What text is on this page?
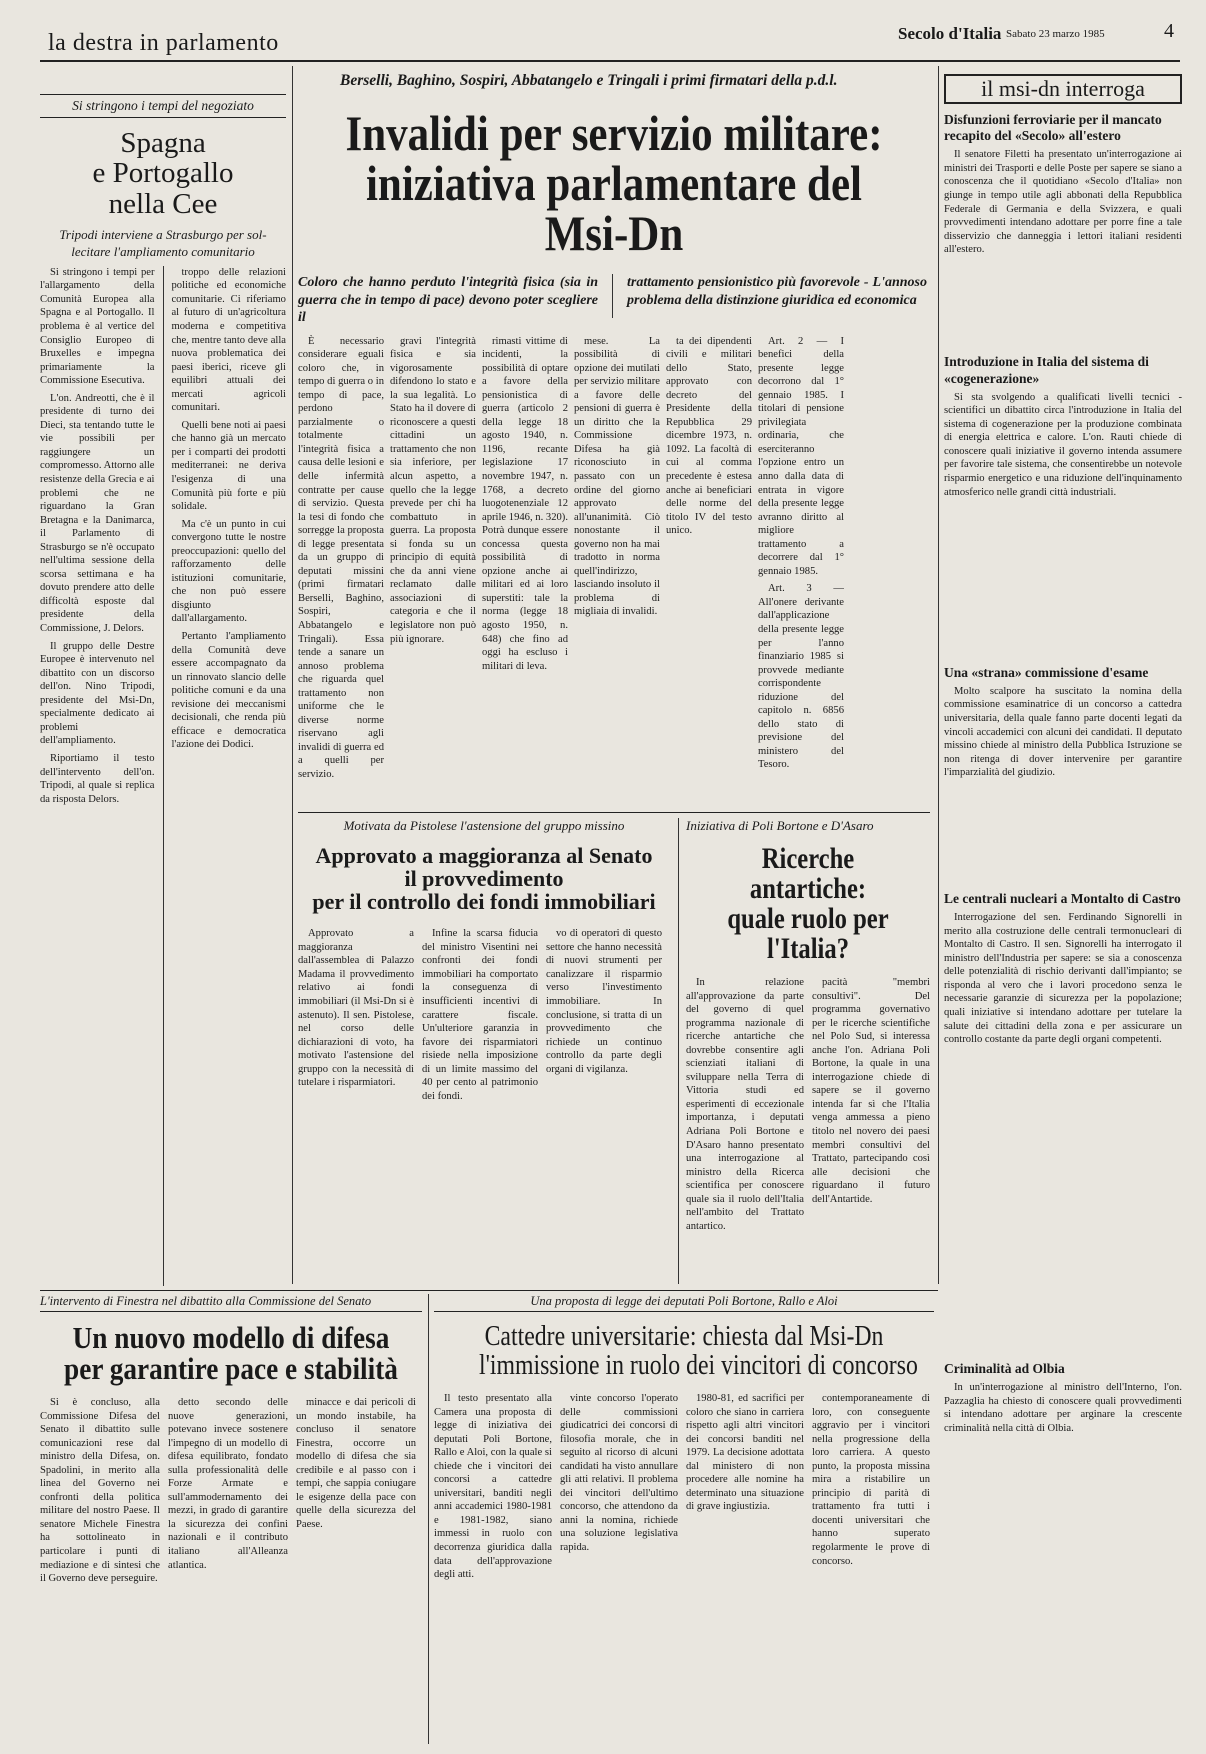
la destra in parlamento	Secolo d'Italia Sabato 23 marzo 1985	4
Si stringono i tempi del negoziato
Spagna
e Portogallo
nella Cee
Tripodi interviene a Strasburgo per sollecitare l'ampliamento comunitario

Si stringono i tempi per l'allargamento della Comunità Europea alla Spagna e al Portogallo. Il problema è al vertice del Consiglio Europeo di Bruxelles e impegna primariamente la Commissione Esecutiva.

L'on. Andreotti, che è il presidente di turno dei Dieci, sta tentando tutte le vie possibili per raggiungere un compromesso. Attorno alle resistenze della Grecia e ai problemi che ne riguardano la Gran Bretagna e la Danimarca, il Parlamento di Strasburgo se n'è occupato nell'ultima sessione della scorsa settimana e ha dovuto prendere atto delle difficoltà esposte dal presidente della Commissione, J. Delors.

Il gruppo delle Destre Europee è intervenuto nel dibattito con un discorso dell'on. Nino Tripodi, presidente del Msi-Dn, specialmente dedicato ai problemi dell'ampliamento.

Riportiamo il testo dell'intervento dell'on. Tripodi, al quale si replica da risposta Delors.

troppo delle relazioni politiche ed economiche comunitarie. Ci riferiamo al futuro di un'agricoltura moderna e competitiva che, mentre tanto deve alla nuova problematica dei paesi iberici, riceve gli equilibri attuali dei mercati agricoli comunitari.

Quelli bene noti ai paesi che hanno già un mercato per i comparti dei prodotti mediterranei: ne deriva l'esigenza di una Comunità più forte e più solidale.

Ma c'è un punto in cui convergono tutte le nostre preoccupazioni: quello del rafforzamento delle istituzioni comunitarie, che non può essere disgiunto dall'allargamento.

Pertanto l'ampliamento della Comunità deve essere accompagnato da un rinnovato slancio delle politiche comuni e da una revisione dei meccanismi decisionali, che renda più efficace e democratica l'azione dei Dodici.

Berselli, Baghino, Sospiri, Abbatangelo e Tringali i primi firmatari della p.d.l.
Invalidi per servizio militare:
iniziativa parlamentare del Msi-Dn
Coloro che hanno perduto l'integrità fisica (sia in guerra che in tempo di pace) devono poter scegliere il
trattamento pensionistico più favorevole - L'annoso problema della distinzione giuridica ed economica

È necessario considerare eguali coloro che, in tempo di guerra o in tempo di pace, perdono parzialmente o totalmente l'integrità fisica a causa delle lesioni e delle infermità contratte per cause di servizio. Questa la tesi di fondo che sorregge la proposta di legge presentata da un gruppo di deputati missini (primi firmatari Berselli, Baghino, Sospiri, Abbatangelo e Tringali). Essa tende a sanare un annoso problema che riguarda quel trattamento non uniforme che le diverse norme riservano agli invalidi di guerra ed a quelli per servizio.

gravi l'integrità fisica e sia vigorosamente difendono lo stato e la sua legalità. Lo Stato ha il dovere di riconoscere a questi cittadini un trattamento che non sia inferiore, per alcun aspetto, a quello che la legge prevede per chi ha combattuto in guerra. La proposta si fonda su un principio di equità che da anni viene reclamato dalle associazioni di categoria e che il legislatore non può più ignorare.

rimasti vittime di incidenti, la possibilità di optare a favore della pensionistica di guerra (articolo 2 della legge 18 agosto 1940, n. 1196, recante legislazione 17 novembre 1947, n. 1768, a decreto luogotenenziale 12 aprile 1946, n. 320). Potrà dunque essere concessa questa possibilità di opzione anche ai militari ed ai loro superstiti: tale la norma (legge 18 agosto 1950, n. 648) che fino ad oggi ha escluso i militari di leva.

mese. La possibilità di opzione dei mutilati per servizio militare a favore delle pensioni di guerra è un diritto che la Commissione Difesa ha già riconosciuto in passato con un ordine del giorno approvato all'unanimità. Ciò nonostante il governo non ha mai tradotto in norma quell'indirizzo, lasciando insoluto il problema di migliaia di invalidi.

ta dei dipendenti civili e militari dello Stato, approvato con decreto del Presidente della Repubblica 29 dicembre 1973, n. 1092. La facoltà di cui al comma precedente è estesa anche ai beneficiari delle norme del titolo IV del testo unico.

Art. 2 — I benefici della presente legge decorrono dal 1° gennaio 1985. I titolari di pensione privilegiata ordinaria, che eserciteranno l'opzione entro un anno dalla data di entrata in vigore della presente legge avranno diritto al migliore trattamento a decorrere dal 1° gennaio 1985.

Art. 3 — All'onere derivante dall'applicazione della presente legge per l'anno finanziario 1985 si provvede mediante corrispondente riduzione del capitolo n. 6856 dello stato di previsione del ministero del Tesoro.

Motivata da Pistolese l'astensione del gruppo missino
Approvato a maggioranza al Senato
il provvedimento
per il controllo dei fondi immobiliari

Approvato a maggioranza dall'assemblea di Palazzo Madama il provvedimento relativo ai fondi immobiliari (il Msi-Dn si è astenuto). Il sen. Pistolese, nel corso delle dichiarazioni di voto, ha motivato l'astensione del gruppo con la necessità di tutelare i risparmiatori.

Infine la scarsa fiducia del ministro Visentini nei confronti dei fondi immobiliari ha comportato la conseguenza di insufficienti incentivi di carattere fiscale. Un'ulteriore garanzia in favore dei risparmiatori risiede nella imposizione di un limite massimo del 40 per cento al patrimonio dei fondi.

vo di operatori di questo settore che hanno necessità di nuovi strumenti per canalizzare il risparmio verso l'investimento immobiliare. In conclusione, si tratta di un provvedimento che richiede un continuo controllo da parte degli organi di vigilanza.

Iniziativa di Poli Bortone e D'Asaro
Ricerche antartiche:
quale ruolo per l'Italia?

In relazione all'approvazione da parte del governo di quel programma nazionale di ricerche antartiche che dovrebbe consentire agli scienziati italiani di sviluppare nella Terra di Vittoria studi ed esperimenti di eccezionale importanza, i deputati Adriana Poli Bortone e D'Asaro hanno presentato una interrogazione al ministro della Ricerca scientifica per conoscere quale sia il ruolo dell'Italia nell'ambito del Trattato antartico.

pacità "membri consultivi". Del programma governativo per le ricerche scientifiche nel Polo Sud, si interessa anche l'on. Adriana Poli Bortone, la quale in una interrogazione chiede di sapere se il governo intenda far sì che l'Italia venga ammessa a pieno titolo nel novero dei paesi membri consultivi del Trattato, partecipando così alle decisioni che riguardano il futuro dell'Antartide.

il msi-dn interroga
Disfunzioni ferroviarie per il mancato recapito del «Secolo» all'estero

Il senatore Filetti ha presentato un'interrogazione ai ministri dei Trasporti e delle Poste per sapere se siano a conoscenza che il quotidiano «Secolo d'Italia» non giunge in tempo utile agli abbonati della Repubblica Federale di Germania e della Svizzera, e quali provvedimenti intendano adottare per porre fine a tale disservizio che danneggia i lettori italiani residenti all'estero.

Introduzione in Italia del sistema di «cogenerazione»

Si sta svolgendo a qualificati livelli tecnici - scientifici un dibattito circa l'introduzione in Italia del sistema di cogenerazione per la produzione combinata di energia elettrica e calore. L'on. Rauti chiede di conoscere quali iniziative il governo intenda assumere per favorire tale sistema, che consentirebbe un notevole risparmio energetico e una riduzione dell'inquinamento atmosferico nelle grandi città industriali.

Una «strana» commissione d'esame

Molto scalpore ha suscitato la nomina della commissione esaminatrice di un concorso a cattedra universitaria, della quale fanno parte docenti legati da vincoli accademici con alcuni dei candidati. Il deputato missino chiede al ministro della Pubblica Istruzione se non ritenga di dover intervenire per garantire l'imparzialità del giudizio.

Le centrali nucleari a Montalto di Castro

Interrogazione del sen. Ferdinando Signorelli in merito alla costruzione delle centrali termonucleari di Montalto di Castro. Il sen. Signorelli ha interrogato il ministro dell'Industria per sapere: se sia a conoscenza delle potenzialità di rischio derivanti dall'impianto; se risponda al vero che i lavori procedono senza le necessarie garanzie di sicurezza per la popolazione; quali iniziative si intendano adottare per tutelare la salute dei cittadini della zona e per assicurare un controllo costante da parte degli organi competenti.

Criminalità ad Olbia

In un'interrogazione al ministro dell'Interno, l'on. Pazzaglia ha chiesto di conoscere quali provvedimenti si intendano adottare per arginare la crescente criminalità nella città di Olbia.

L'intervento di Finestra nel dibattito alla Commissione del Senato
Un nuovo modello di difesa
per garantire pace e stabilità

Si è concluso, alla Commissione Difesa del Senato il dibattito sulle comunicazioni rese dal ministro della Difesa, on. Spadolini, in merito alla linea del Governo nei confronti della politica militare del nostro Paese. Il senatore Michele Finestra ha sottolineato in particolare i punti di mediazione e di sintesi che il Governo deve perseguire.

detto secondo delle nuove generazioni, potevano invece sostenere l'impegno di un modello di difesa equilibrato, fondato sulla professionalità delle Forze Armate e sull'ammodernamento dei mezzi, in grado di garantire la sicurezza dei confini nazionali e il contributo italiano all'Alleanza atlantica.

minacce e dai pericoli di un mondo instabile, ha concluso il senatore Finestra, occorre un modello di difesa che sia credibile e al passo con i tempi, che sappia coniugare le esigenze della pace con quelle della sicurezza del Paese.

Una proposta di legge dei deputati Poli Bortone, Rallo e Aloi
Cattedre universitarie: chiesta dal Msi-Dn
l'immissione in ruolo dei vincitori di concorso

Il testo presentato alla Camera una proposta di legge di iniziativa dei deputati Poli Bortone, Rallo e Aloi, con la quale si chiede che i vincitori dei concorsi a cattedre universitari, banditi negli anni accademici 1980-1981 e 1981-1982, siano immessi in ruolo con decorrenza giuridica dalla data dell'approvazione degli atti.

vinte concorso l'operato delle commissioni giudicatrici dei concorsi di filosofia morale, che in seguito al ricorso di alcuni candidati ha visto annullare gli atti relativi. Il problema dei vincitori dell'ultimo concorso, che attendono da anni la nomina, richiede una soluzione legislativa rapida.

1980-81, ed sacrifici per coloro che siano in carriera rispetto agli altri vincitori dei concorsi banditi nel 1979. La decisione adottata dal ministero di non procedere alle nomine ha determinato una situazione di grave ingiustizia.

contemporaneamente di loro, con conseguente aggravio per i vincitori nella progressione della loro carriera. A questo punto, la proposta missina mira a ristabilire un principio di parità di trattamento fra tutti i docenti universitari che hanno superato regolarmente le prove di concorso.
